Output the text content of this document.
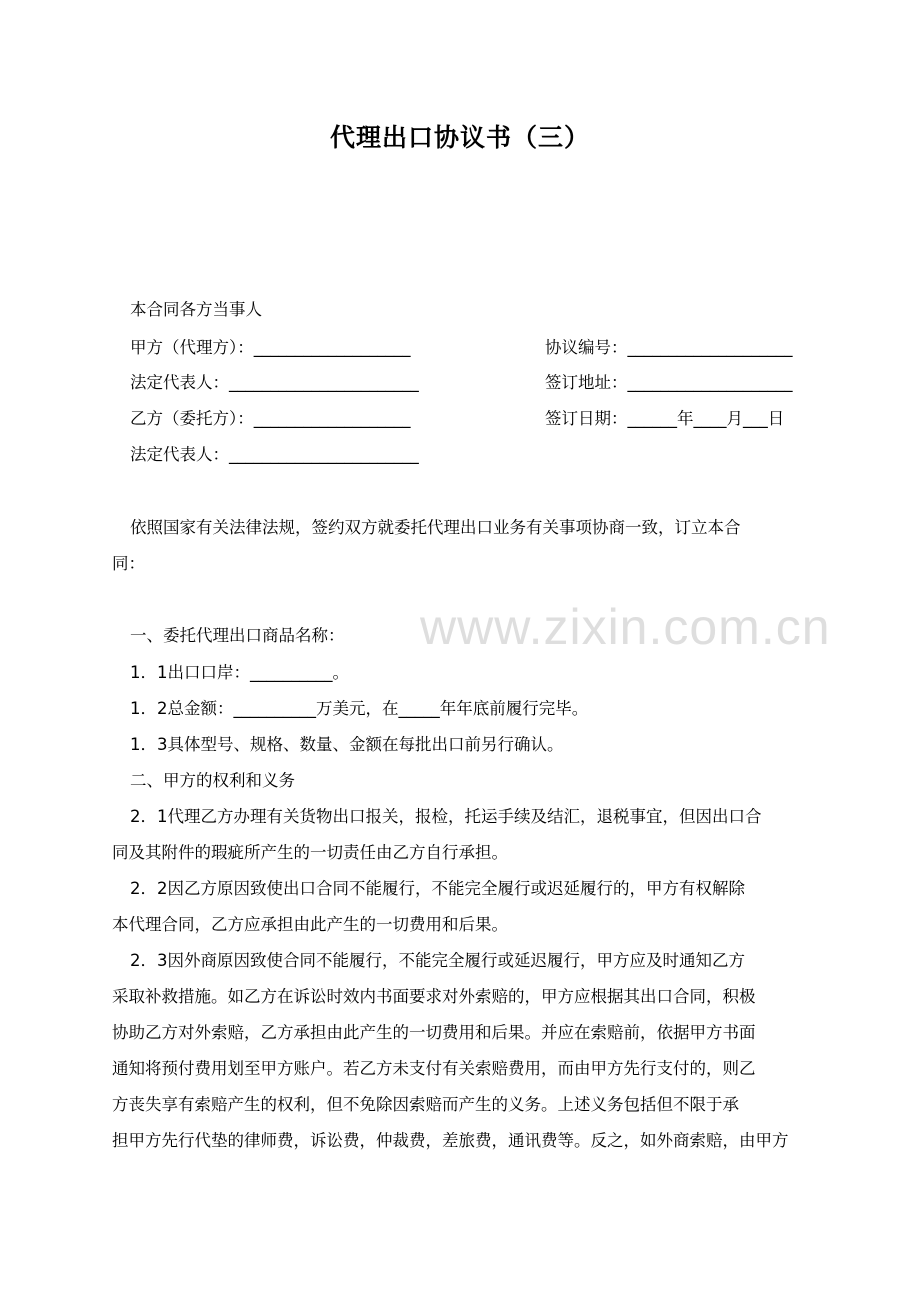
www.zixin.com.cn
代理出口协议书（三）
本合同各方当事人
甲方（代理方）：___________________	协议编号：____________________
法定代表人：_______________________	签订地址：____________________
乙方（委托方）：___________________	签订日期：______年____月___日
法定代表人：_______________________
依照国家有关法律法规，签约双方就委托代理出口业务有关事项协商一致，订立本合
同：
一、委托代理出口商品名称：
1．1出口口岸：__________。
1．2总金额：__________万美元，在_____年年底前履行完毕。
1．3具体型号、规格、数量、金额在每批出口前另行确认。
二、甲方的权利和义务
2．1代理乙方办理有关货物出口报关，报检，托运手续及结汇，退税事宜，但因出口合
同及其附件的瑕疵所产生的一切责任由乙方自行承担。
2．2因乙方原因致使出口合同不能履行，不能完全履行或迟延履行的，甲方有权解除
本代理合同，乙方应承担由此产生的一切费用和后果。
2．3因外商原因致使合同不能履行，不能完全履行或延迟履行，甲方应及时通知乙方
采取补救措施。如乙方在诉讼时效内书面要求对外索赔的，甲方应根据其出口合同，积极
协助乙方对外索赔，乙方承担由此产生的一切费用和后果。并应在索赔前，依据甲方书面
通知将预付费用划至甲方账户。若乙方未支付有关索赔费用，而由甲方先行支付的，则乙
方丧失享有索赔产生的权利，但不免除因索赔而产生的义务。上述义务包括但不限于承
担甲方先行代垫的律师费，诉讼费，仲裁费，差旅费，通讯费等。反之，如外商索赔，由甲方
